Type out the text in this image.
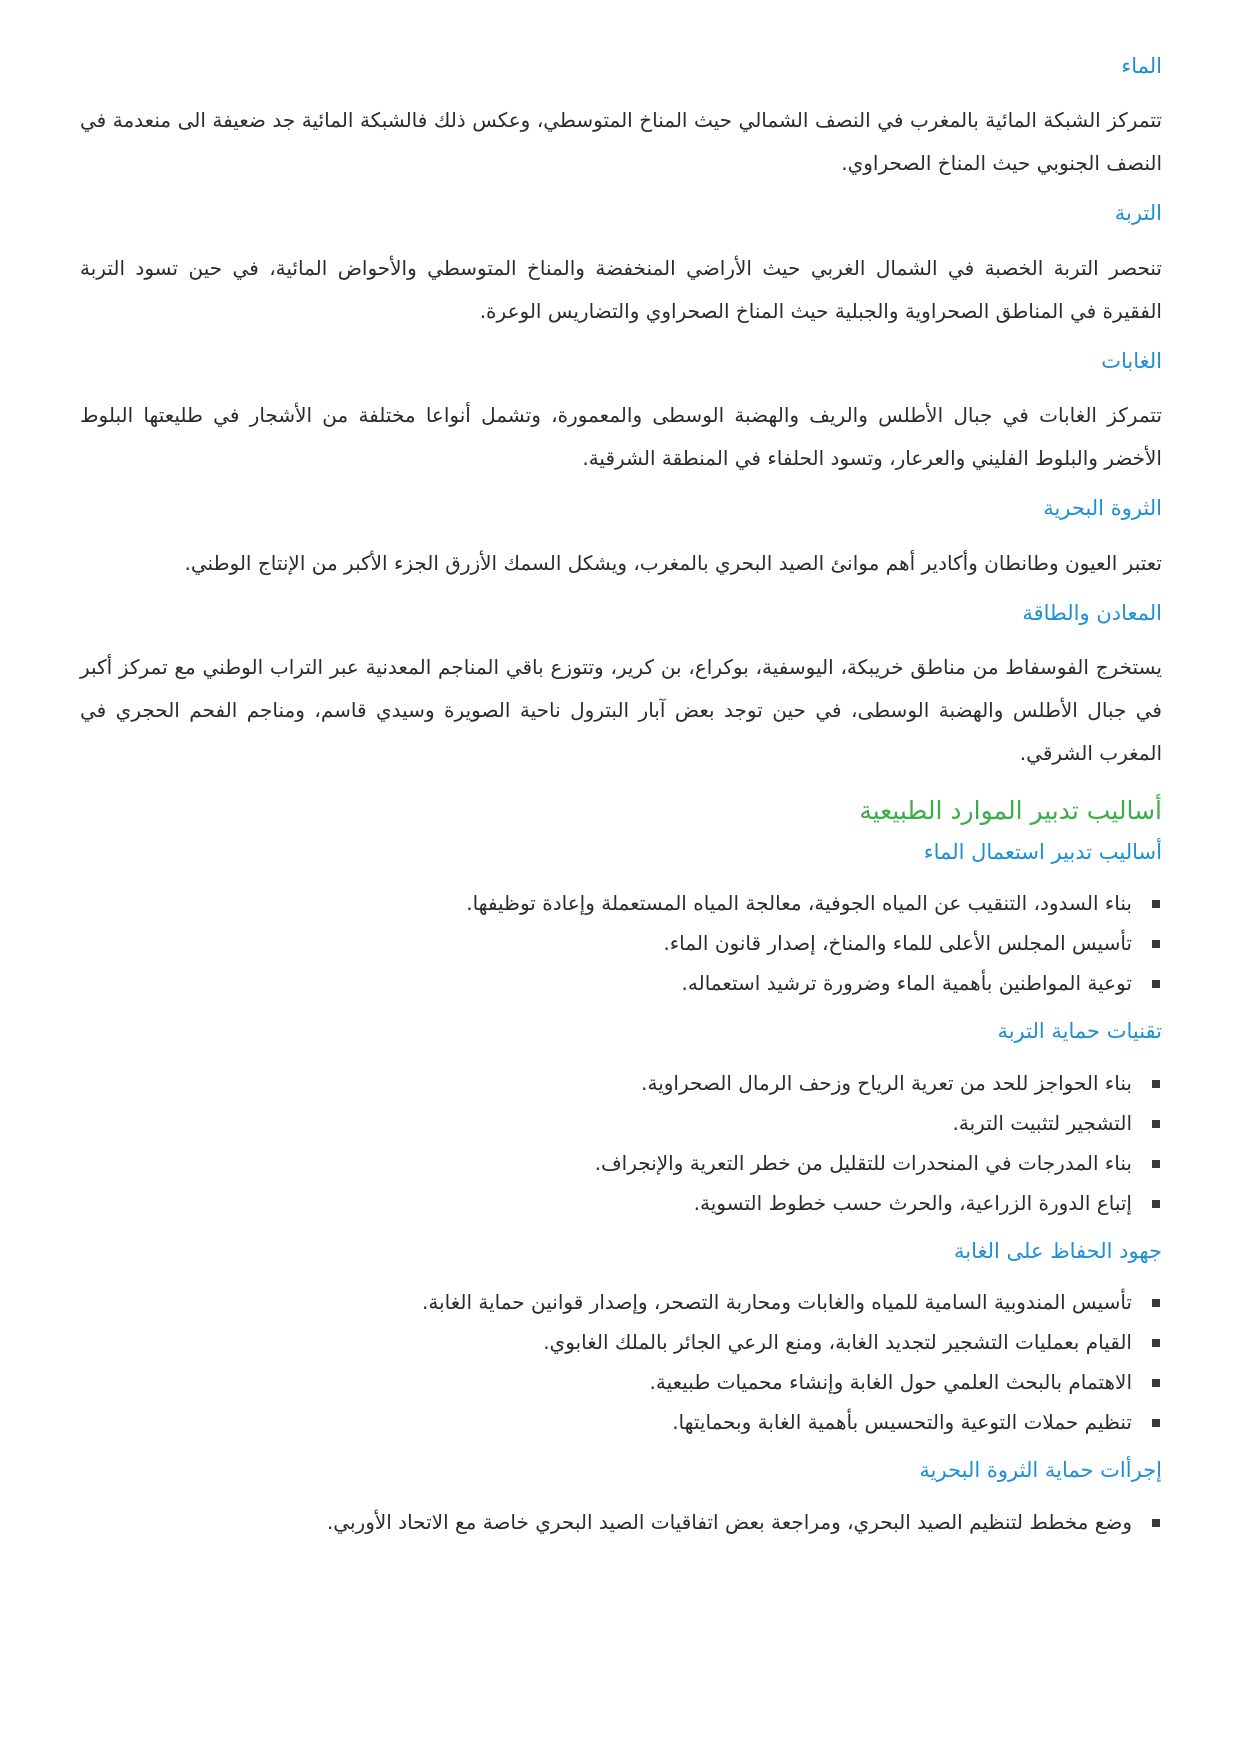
الماء

تتمركز الشبكة المائية بالمغرب في النصف الشمالي حيث المناخ المتوسطي، وعكس ذلك فالشبكة المائية جد ضعيفة الى منعدمة في النصف الجنوبي حيث المناخ الصحراوي.

التربة

تنحصر التربة الخصبة في الشمال الغربي حيث الأراضي المنخفضة والمناخ المتوسطي والأحواض المائية، في حين تسود التربة الفقيرة في المناطق الصحراوية والجبلية حيث المناخ الصحراوي والتضاريس الوعرة.

الغابات

تتمركز الغابات في جبال الأطلس والريف والهضبة الوسطى والمعمورة، وتشمل أنواعا مختلفة من الأشجار في طليعتها البلوط الأخضر والبلوط الفليني والعرعار، وتسود الحلفاء في المنطقة الشرقية.

الثروة البحرية

تعتبر العيون وطانطان وأكادير أهم موانئ الصيد البحري بالمغرب، ويشكل السمك الأزرق الجزء الأكبر من الإنتاج الوطني.

المعادن والطاقة

يستخرج الفوسفاط من مناطق خريبكة، اليوسفية، بوكراع، بن كرير، وتتوزع باقي المناجم المعدنية عبر التراب الوطني مع تمركز أكبر في جبال الأطلس والهضبة الوسطى، في حين توجد بعض آبار البترول ناحية الصويرة وسيدي قاسم، ومناجم الفحم الحجري في المغرب الشرقي.

أساليب تدبير الموارد الطبيعية
أساليب تدبير استعمال الماء
بناء السدود، التنقيب عن المياه الجوفية، معالجة المياه المستعملة وإعادة توظيفها.
تأسيس المجلس الأعلى للماء والمناخ، إصدار قانون الماء.
توعية المواطنين بأهمية الماء وضرورة ترشيد استعماله.
تقنيات حماية التربة
بناء الحواجز للحد من تعرية الرياح وزحف الرمال الصحراوية.
التشجير لتثبيت التربة.
بناء المدرجات في المنحدرات للتقليل من خطر التعرية والإنجراف.
إتباع الدورة الزراعية، والحرث حسب خطوط التسوية.
جهود الحفاظ على الغابة
تأسيس المندوبية السامية للمياه والغابات ومحاربة التصحر، وإصدار قوانين حماية الغابة.
القيام بعمليات التشجير لتجديد الغابة، ومنع الرعي الجائر بالملك الغابوي.
الاهتمام بالبحث العلمي حول الغابة وإنشاء محميات طبيعية.
تنظيم حملات التوعية والتحسيس بأهمية الغابة وبحمايتها.
إجرأات حماية الثروة البحرية
وضع مخطط لتنظيم الصيد البحري، ومراجعة بعض اتفاقيات الصيد البحري خاصة مع الاتحاد الأوربي.
